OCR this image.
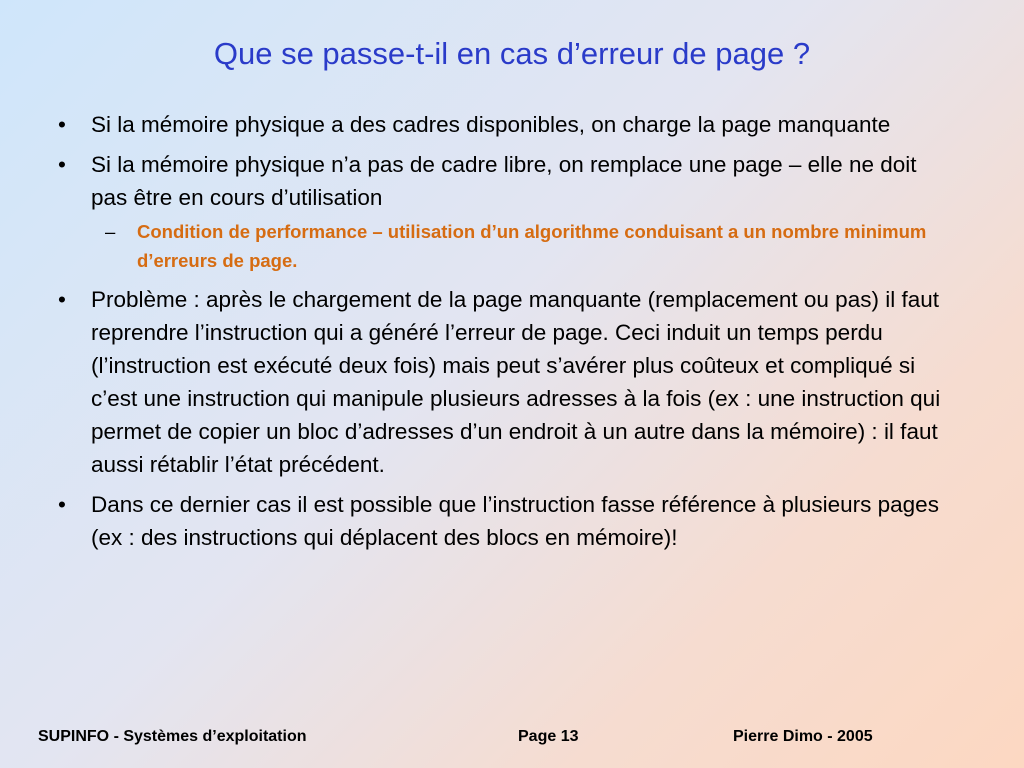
Que se passe-t-il en cas d’erreur de page ?
• Si la mémoire physique a des cadres disponibles, on charge la page manquante
• Si la mémoire physique n’a pas de cadre libre, on remplace une page – elle ne doit pas être en cours d’utilisation
– Condition de performance – utilisation d’un algorithme conduisant a un nombre minimum d’erreurs de page.
• Problème : après le chargement de la page manquante (remplacement ou pas) il faut reprendre l’instruction qui a généré l’erreur de page. Ceci induit un temps perdu (l’instruction est exécuté deux fois) mais peut s’avérer plus coûteux et compliqué si c’est une instruction qui manipule plusieurs adresses à la fois (ex : une instruction qui permet de copier un bloc d’adresses d’un endroit à un autre dans la mémoire) : il faut aussi rétablir l’état précédent.
• Dans ce dernier cas il est possible que l’instruction fasse référence à plusieurs pages (ex : des instructions qui déplacent des blocs en mémoire)!
SUPINFO - Systèmes d’exploitation	Page 13	Pierre Dimo - 2005
